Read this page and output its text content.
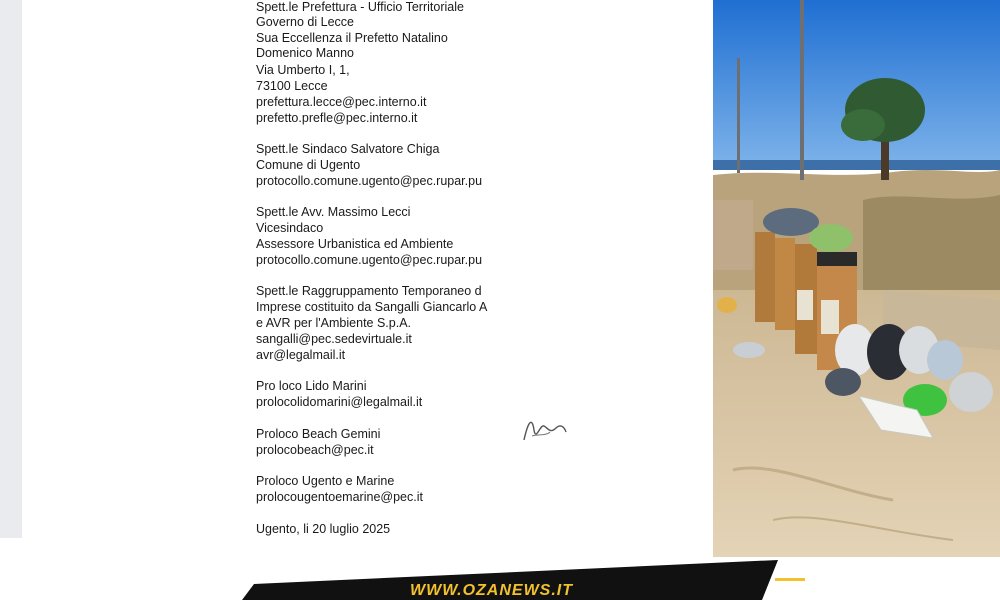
Spett.le Prefettura - Ufficio Territoriale
Governo di Lecce
Sua Eccellenza il Prefetto Natalino
Domenico Manno
Via Umberto I, 1,
73100 Lecce
prefettura.lecce@pec.interno.it
prefetto.prefle@pec.interno.it
Spett.le Sindaco Salvatore Chiga
Comune di Ugento
protocollo.comune.ugento@pec.rupar.pu
Spett.le Avv. Massimo Lecci
Vicesindaco
Assessore Urbanistica ed Ambiente
protocollo.comune.ugento@pec.rupar.pu
Spett.le Raggruppamento Temporaneo d
Imprese costituito da Sangalli Giancarlo A
e AVR per l'Ambiente S.p.A.
sangalli@pec.sedevirtuale.it
avr@legalmail.it
Pro loco Lido Marini
prolocolidomarini@legalmail.it
Proloco Beach Gemini
prolocobeach@pec.it
Proloco Ugento e Marine
prolocougentoemarine@pec.it
Ugento, li 20 luglio 2025
WWW.OZANEWS.IT
